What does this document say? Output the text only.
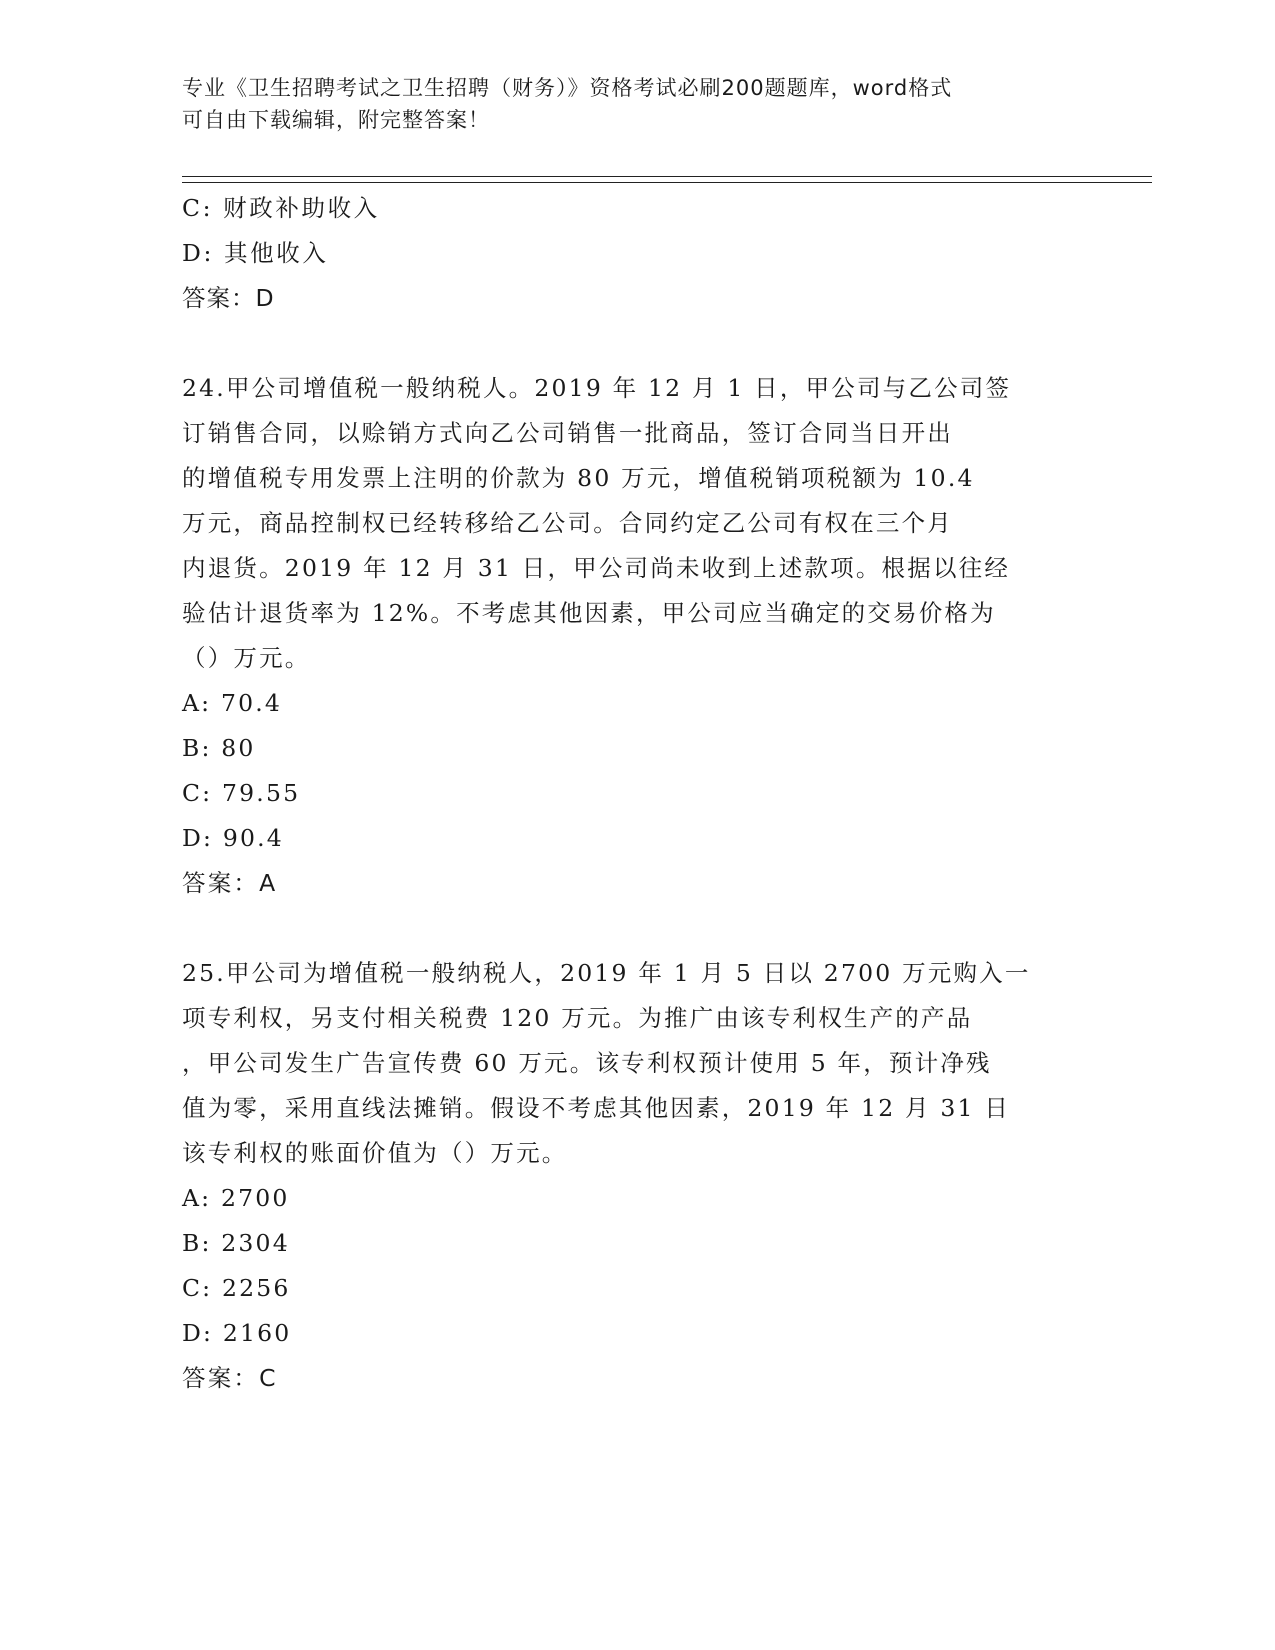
专业《卫生招聘考试之卫生招聘（财务）》资格考试必刷200题题库，word格式
可自由下载编辑，附完整答案！
C: 财政补助收入
D: 其他收入
答案：D
24.甲公司增值税一般纳税人。2019 年 12 月 1 日，甲公司与乙公司签
订销售合同，以赊销方式向乙公司销售一批商品，签订合同当日开出
的增值税专用发票上注明的价款为 80 万元，增值税销项税额为 10.4
万元，商品控制权已经转移给乙公司。合同约定乙公司有权在三个月
内退货。2019 年 12 月 31 日，甲公司尚未收到上述款项。根据以往经
验估计退货率为 12%。不考虑其他因素，甲公司应当确定的交易价格为
（）万元。
A: 70.4
B: 80
C: 79.55
D: 90.4
答案：A
25.甲公司为增值税一般纳税人，2019 年 1 月 5 日以 2700 万元购入一
项专利权，另支付相关税费 120 万元。为推广由该专利权生产的产品
，甲公司发生广告宣传费 60 万元。该专利权预计使用 5 年，预计净残
值为零，采用直线法摊销。假设不考虑其他因素，2019 年 12 月 31 日
该专利权的账面价值为（）万元。
A: 2700
B: 2304
C: 2256
D: 2160
答案：C
